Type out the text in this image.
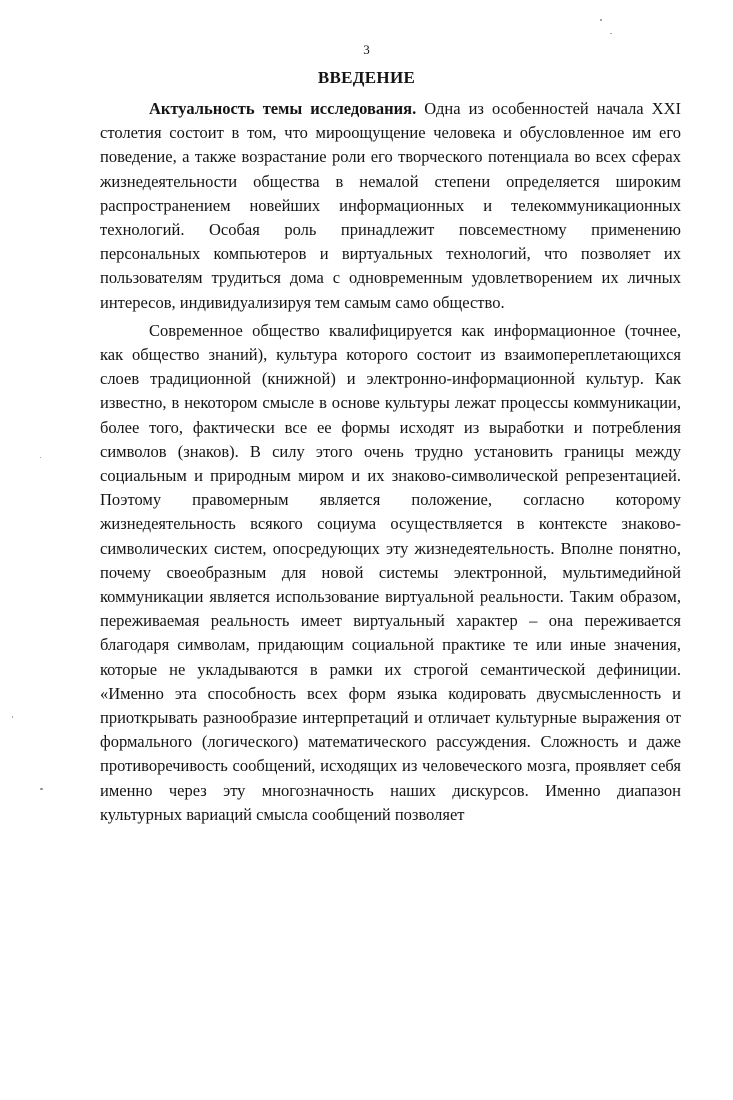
3
ВВЕДЕНИЕ

Актуальность темы исследования. Одна из особенностей начала XXI столетия состоит в том, что мироощущение человека и обусловленное им его поведение, а также возрастание роли его творческого потенциала во всех сферах жизнедеятельности общества в немалой степени определяется широким распространением новейших информационных и телекоммуникационных технологий. Особая роль принадлежит повсеместному применению персональных компьютеров и виртуальных технологий, что позволяет их пользователям трудиться дома с одновременным удовлетворением их личных интересов, индивидуализируя тем самым само общество.

Современное общество квалифицируется как информационное (точнее, как общество знаний), культура которого состоит из взаимопереплетающихся слоев традиционной (книжной) и электронно-информационной культур. Как известно, в некотором смысле в основе культуры лежат процессы коммуникации, более того, фактически все ее формы исходят из выработки и потребления символов (знаков). В силу этого очень трудно установить границы между социальным и природным миром и их знаково-символической репрезентацией. Поэтому правомерным является положение, согласно которому жизнедеятельность всякого социума осуществляется в контексте знаково-символических систем, опосредующих эту жизнедеятельность. Вполне понятно, почему своеобразным для новой системы электронной, мультимедийной коммуникации является использование виртуальной реальности. Таким образом, переживаемая реальность имеет виртуальный характер – она переживается благодаря символам, придающим социальной практике те или иные значения, которые не укладываются в рамки их строгой семантической дефиниции. «Именно эта способность всех форм языка кодировать двусмысленность и приоткрывать разнообразие интерпретаций и отличает культурные выражения от формального (логического) математического рассуждения. Сложность и даже противоречивость сообщений, исходящих из человеческого мозга, проявляет себя именно через эту многозначность наших дискурсов. Именно диапазон культурных вариаций смысла сообщений позволяет
